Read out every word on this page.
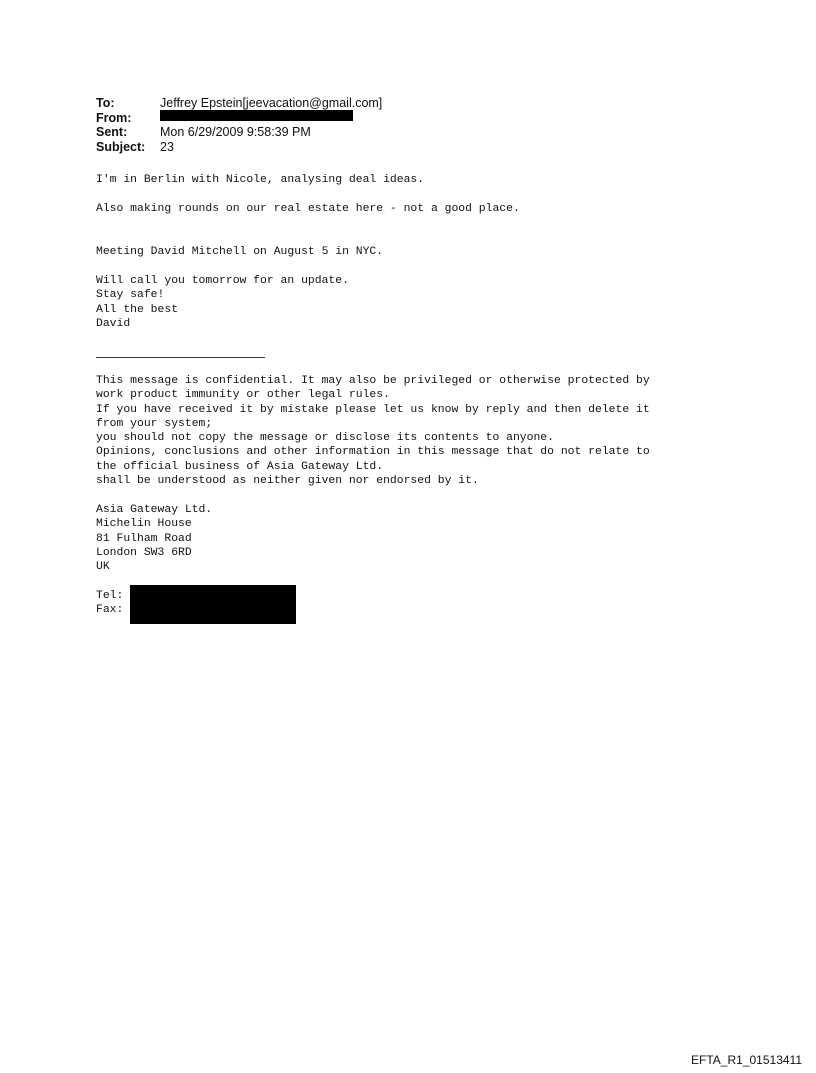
To:	Jeffrey Epstein[jeevacation@gmail.com]
From:
Sent:	Mon 6/29/2009 9:58:39 PM
Subject:	23
I'm in Berlin with Nicole, analysing deal ideas.
Also making rounds on our real estate here - not a good place.
Meeting David Mitchell on August 5 in NYC.
Will call you tomorrow for an update.
Stay safe!
All the best
David
This message is confidential. It may also be privileged or otherwise protected by
work product immunity or other legal rules.
If you have received it by mistake please let us know by reply and then delete it
from your system;
you should not copy the message or disclose its contents to anyone.
Opinions, conclusions and other information in this message that do not relate to
the official business of Asia Gateway Ltd.
shall be understood as neither given nor endorsed by it.
Asia Gateway Ltd.
Michelin House
81 Fulham Road
London SW3 6RD
UK
Tel:
Fax:
EFTA_R1_01513411
